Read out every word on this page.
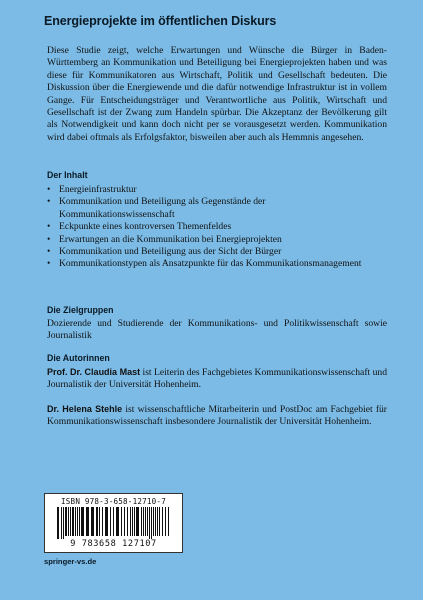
Energieprojekte im öffentlichen Diskurs

Diese Studie zeigt, welche Erwartungen und Wünsche die Bürger in Baden-Württemberg an Kommunikation und Beteiligung bei Energieprojekten haben und was diese für Kommunikatoren aus Wirtschaft, Politik und Gesellschaft bedeuten. Die Diskussion über die Energiewende und die dafür notwendige Infrastruktur ist in vollem Gange. Für Entscheidungsträger und Verantwortliche aus Politik, Wirtschaft und Gesellschaft ist der Zwang zum Handeln spürbar. Die Akzeptanz der Bevölkerung gilt als Notwendigkeit und kann doch nicht per se vorausgesetzt werden. Kommunikation wird dabei oftmals als Erfolgsfaktor, bisweilen aber auch als Hemmnis angesehen.

Der Inhalt
• Energieinfrastruktur
• Kommunikation und Beteiligung als Gegenstände der Kommunikationswissenschaft
• Eckpunkte eines kontroversen Themenfeldes
• Erwartungen an die Kommunikation bei Energieprojekten
• Kommunikation und Beteiligung aus der Sicht der Bürger
• Kommunikationstypen als Ansatzpunkte für das Kommunikationsmanagement
Die Zielgruppen

Dozierende und Studierende der Kommunikations- und Politikwissenschaft sowie Journalistik

Die Autorinnen

Prof. Dr. Claudia Mast ist Leiterin des Fachgebietes Kommunikationswissenschaft und Journalistik der Universität Hohenheim.

Dr. Helena Stehle ist wissenschaftliche Mitarbeiterin und PostDoc am Fachgebiet für Kommunikationswissenschaft insbesondere Journalistik der Universität Hohenheim.

ISBN 978-3-658-12710-7
9 783658 127107
springer-vs.de
